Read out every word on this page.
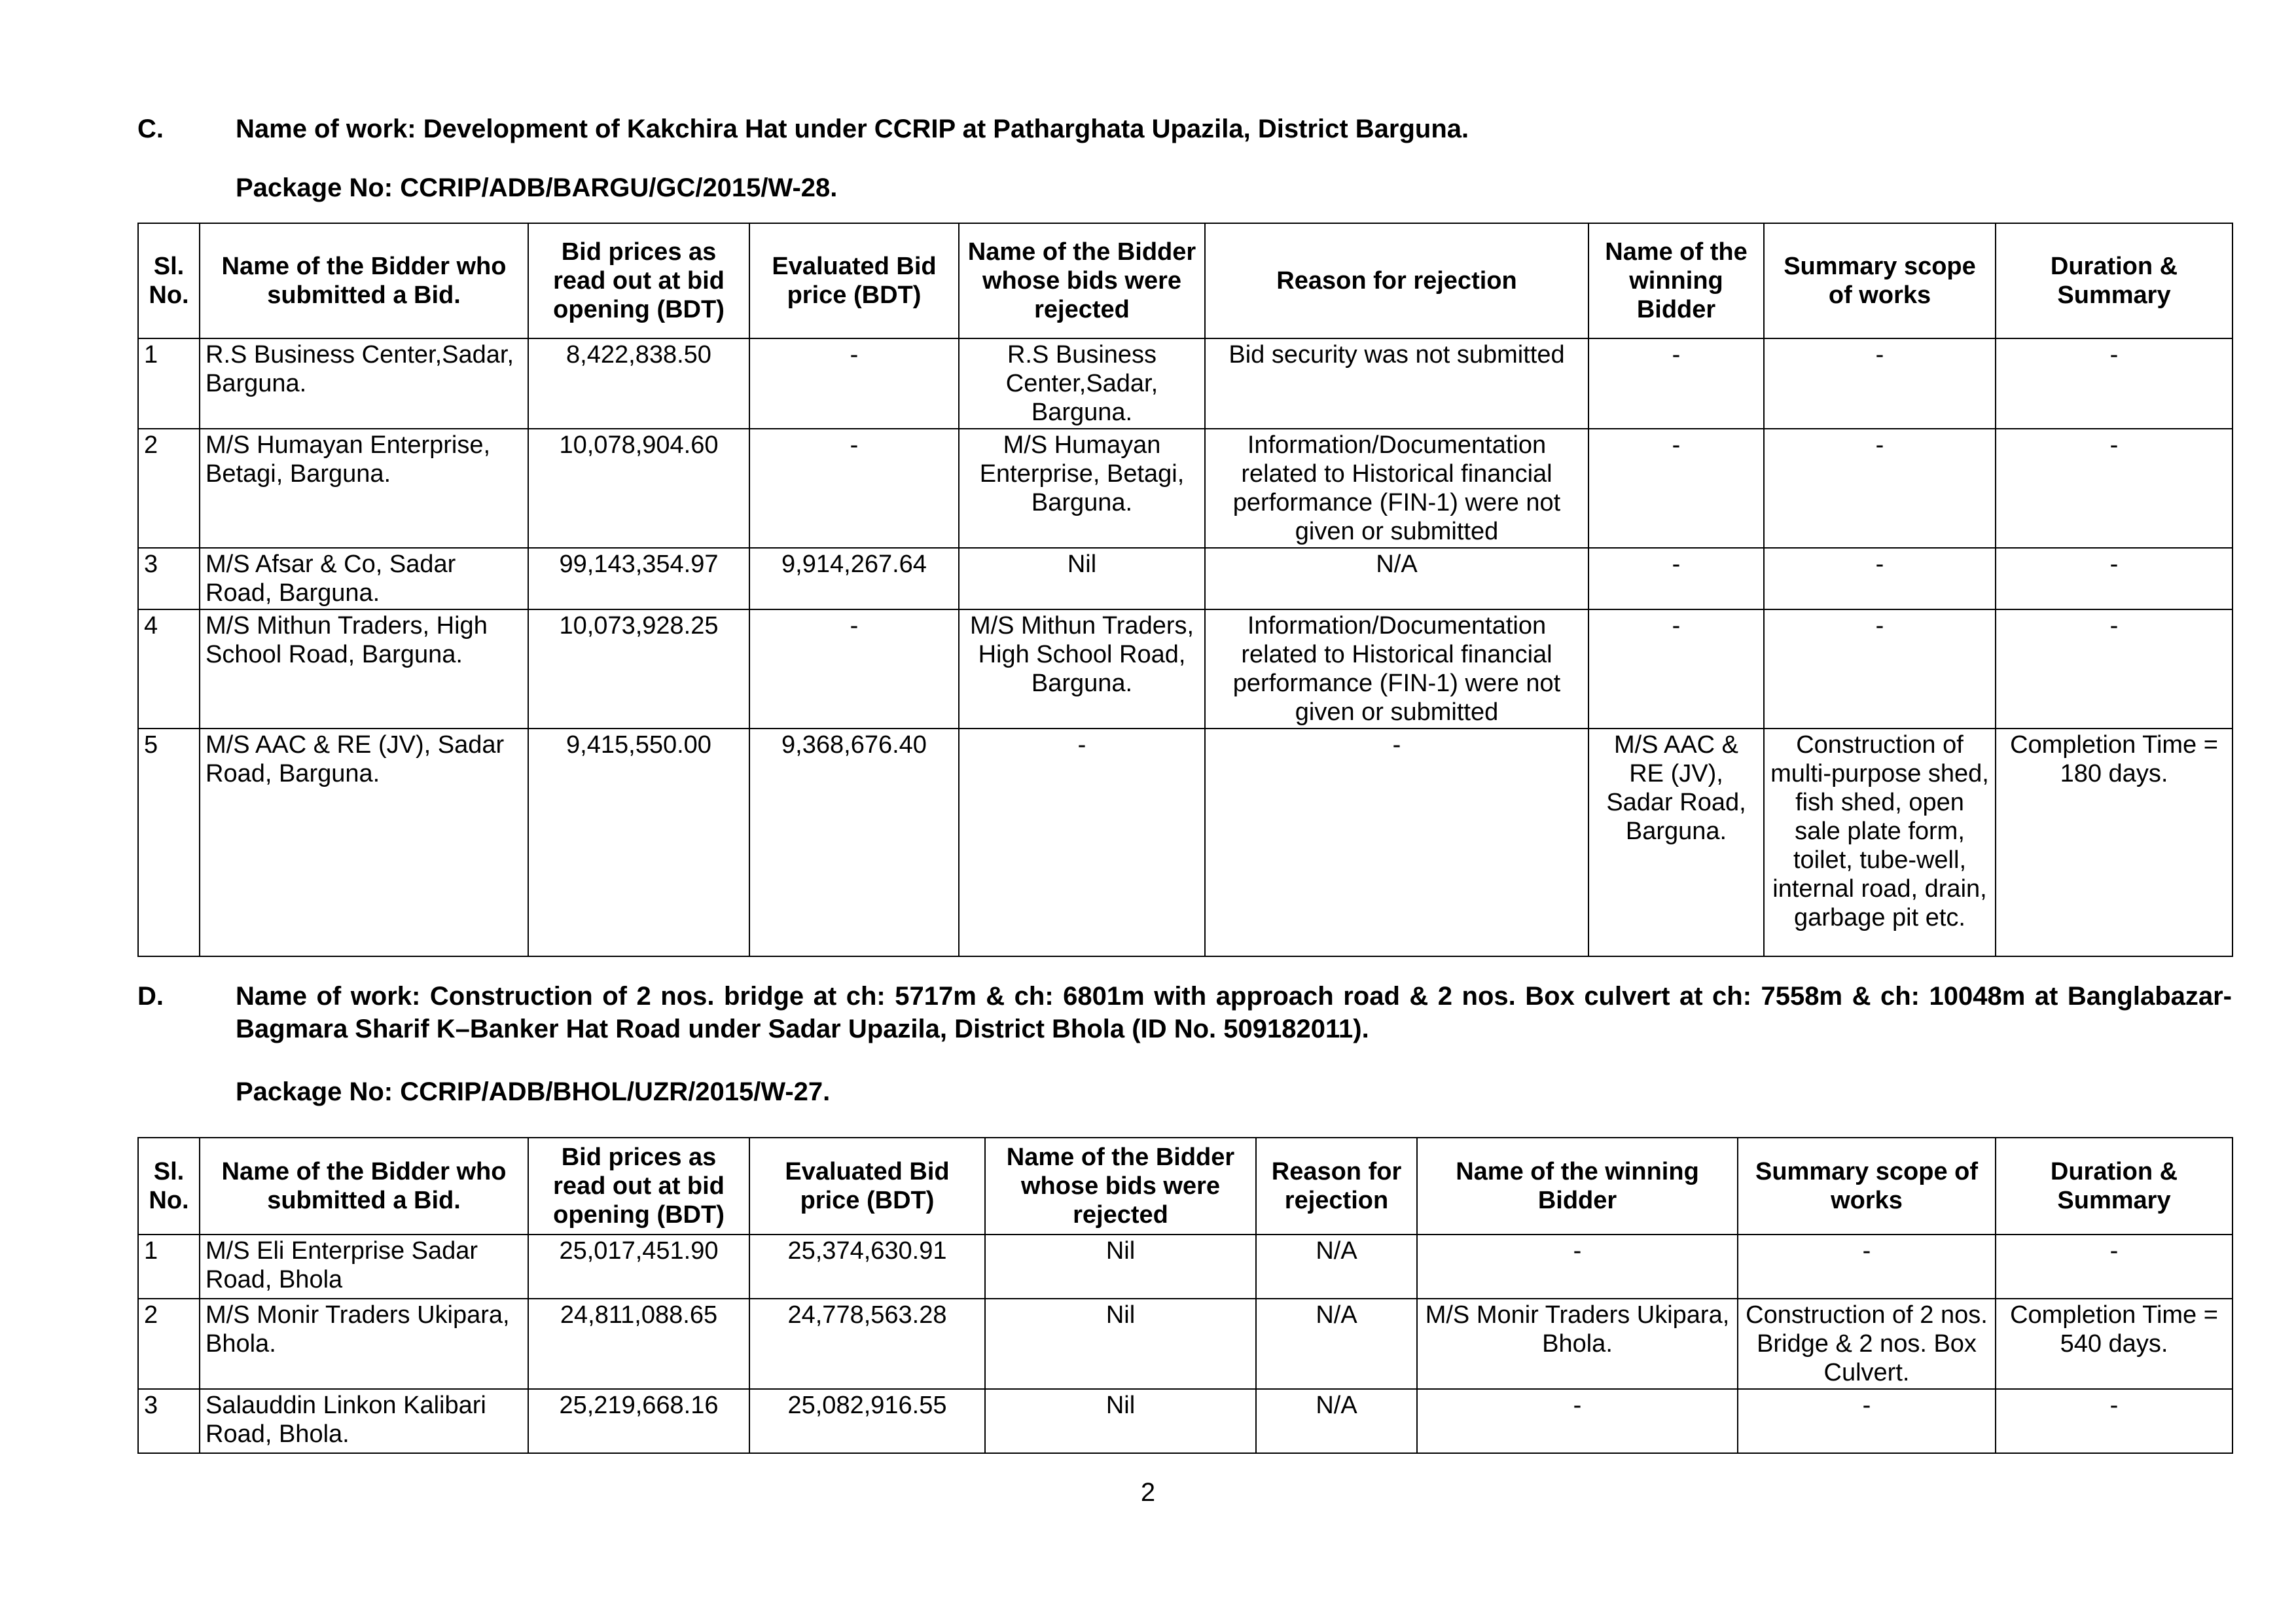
C.	Name of work: Development of Kakchira Hat under CCRIP at Patharghata Upazila, District Barguna.
Package No: CCRIP/ADB/BARGU/GC/2015/W-28.
Sl. No.	Name of the Bidder who submitted a Bid.	Bid prices as read out at bid opening (BDT)	Evaluated Bid price (BDT)	Name of the Bidder whose bids were rejected	Reason for rejection	Name of the winning Bidder	Summary scope of works	Duration & Summary
1	R.S Business Center,Sadar, Barguna.	8,422,838.50	-	R.S Business Center,Sadar, Barguna.	Bid security was not submitted	-	-	-
2	M/S Humayan Enterprise, Betagi, Barguna.	10,078,904.60	-	M/S Humayan Enterprise, Betagi, Barguna.	Information/Documentation related to Historical financial performance (FIN-1) were not given or submitted	-	-	-
3	M/S Afsar & Co, Sadar Road, Barguna.	99,143,354.97	9,914,267.64	Nil	N/A	-	-	-
4	M/S Mithun Traders, High School Road, Barguna.	10,073,928.25	-	M/S Mithun Traders, High School Road, Barguna.	Information/Documentation related to Historical financial performance (FIN-1) were not given or submitted	-	-	-
5	M/S AAC & RE (JV), Sadar Road, Barguna.	9,415,550.00	9,368,676.40	-	-	M/S AAC & RE (JV), Sadar Road, Barguna.	Construction of multi-purpose shed, fish shed, open sale plate form, toilet, tube-well, internal road, drain, garbage pit etc.	Completion Time = 180 days.
D.	Name of work: Construction of 2 nos. bridge at ch: 5717m & ch: 6801m with approach road & 2 nos. Box culvert at ch: 7558m & ch: 10048m at Banglabazar-Bagmara Sharif K–Banker Hat Road under Sadar Upazila, District Bhola (ID No. 509182011).
Package No: CCRIP/ADB/BHOL/UZR/2015/W-27.
Sl. No.	Name of the Bidder who submitted a Bid.	Bid prices as read out at bid opening (BDT)	Evaluated Bid price (BDT)	Name of the Bidder whose bids were rejected	Reason for rejection	Name of the winning Bidder	Summary scope of works	Duration & Summary
1	M/S Eli Enterprise Sadar Road, Bhola	25,017,451.90	25,374,630.91	Nil	N/A	-	-	-
2	M/S Monir Traders Ukipara, Bhola.	24,811,088.65	24,778,563.28	Nil	N/A	M/S Monir Traders Ukipara, Bhola.	Construction of 2 nos. Bridge & 2 nos. Box Culvert.	Completion Time = 540 days.
3	Salauddin Linkon Kalibari Road, Bhola.	25,219,668.16	25,082,916.55	Nil	N/A	-	-	-
2
